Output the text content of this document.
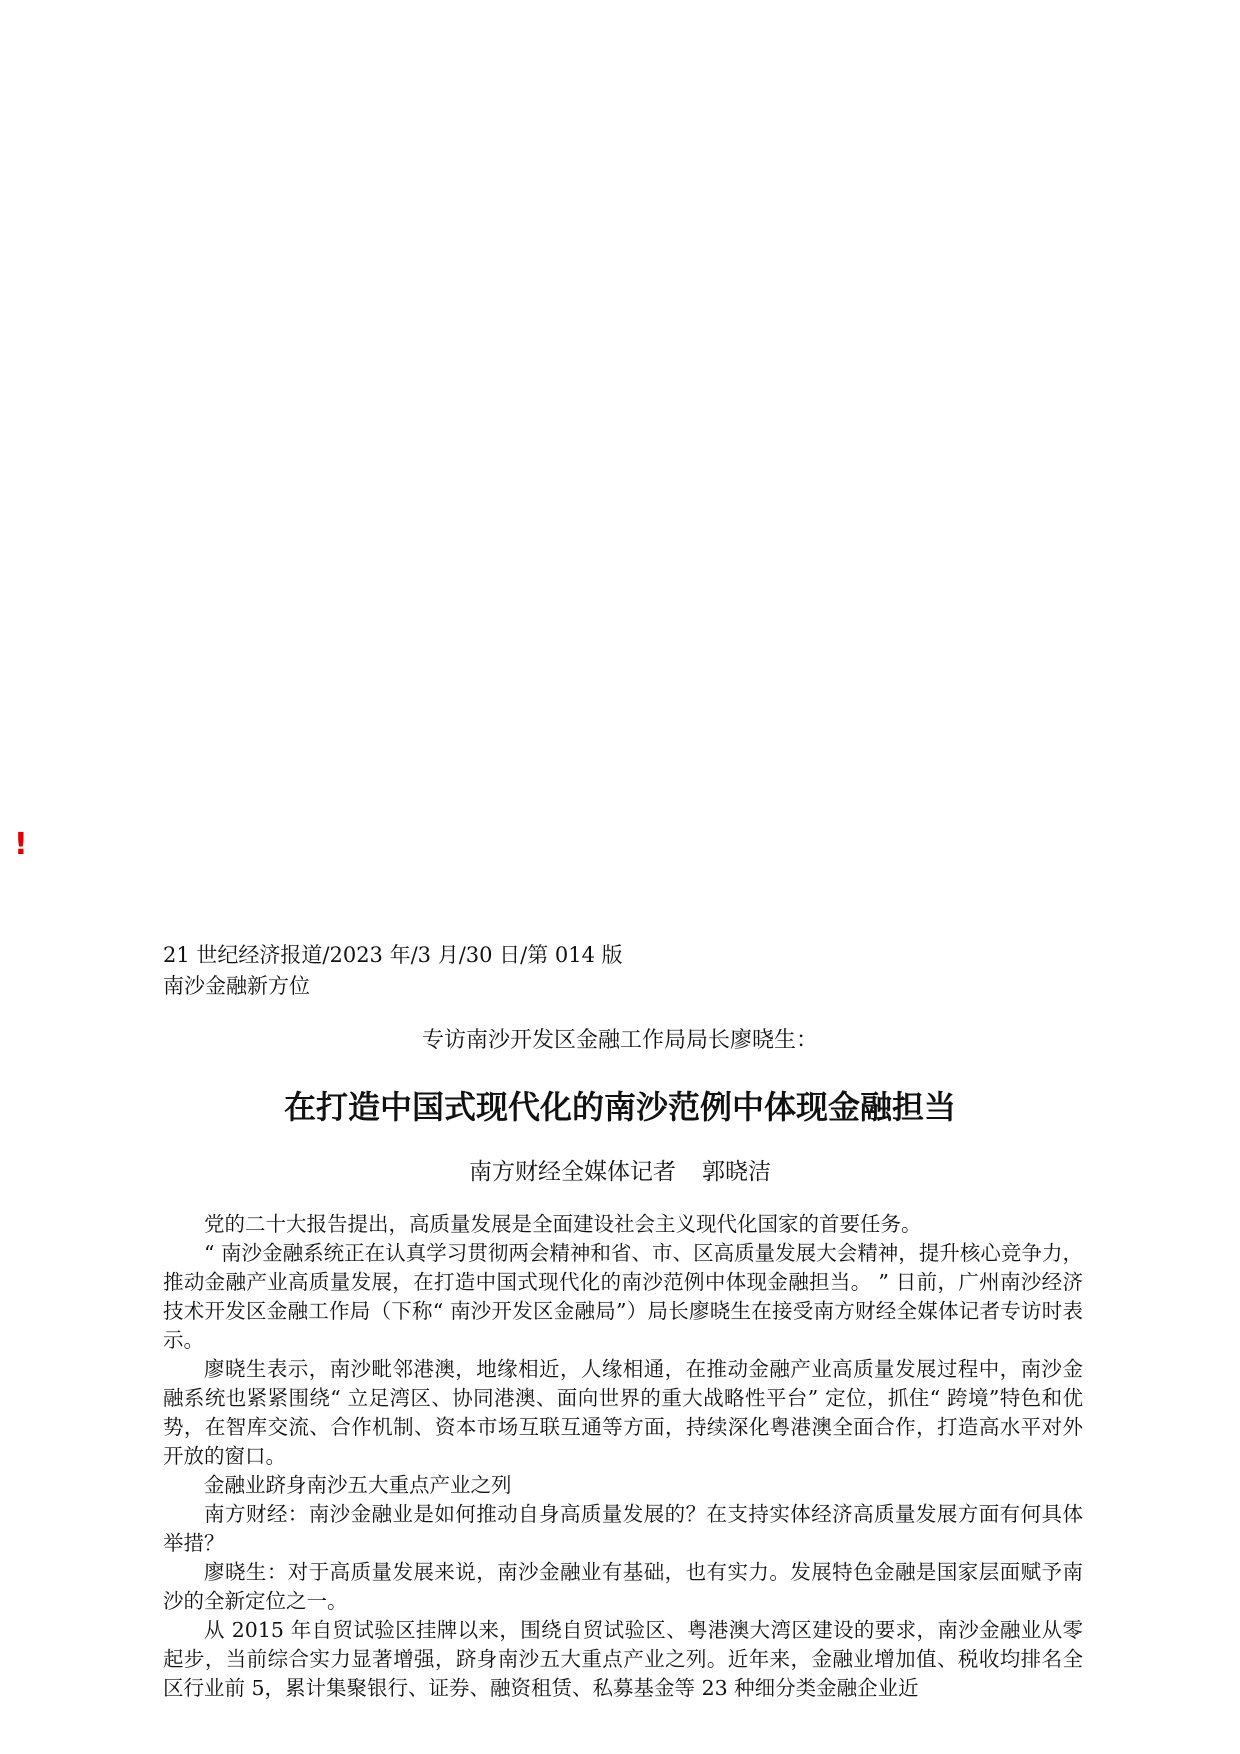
!
21 世纪经济报道/2023 年/3 月/30 日/第 014 版南沙金融新方位
专访南沙开发区金融工作局局长廖晓生：
在打造中国式现代化的南沙范例中体现金融担当
南方财经全媒体记者 郭晓洁

党的二十大报告提出，高质量发展是全面建设社会主义现代化国家的首要任务。

“ 南沙金融系统正在认真学习贯彻两会精神和省、市、区高质量发展大会精神，提升核心竞争力，推动金融产业高质量发展，在打造中国式现代化的南沙范例中体现金融担当。 ” 日前，广州南沙经济技术开发区金融工作局（下称“ 南沙开发区金融局”）局长廖晓生在接受南方财经全媒体记者专访时表示。

廖晓生表示，南沙毗邻港澳，地缘相近，人缘相通，在推动金融产业高质量发展过程中，南沙金融系统也紧紧围绕“ 立足湾区、协同港澳、面向世界的重大战略性平台” 定位，抓住“ 跨境”特色和优势，在智库交流、合作机制、资本市场互联互通等方面，持续深化粤港澳全面合作，打造高水平对外开放的窗口。

金融业跻身南沙五大重点产业之列

南方财经：南沙金融业是如何推动自身高质量发展的？在支持实体经济高质量发展方面有何具体举措？

廖晓生：对于高质量发展来说，南沙金融业有基础，也有实力。发展特色金融是国家层面赋予南沙的全新定位之一。

从 2015 年自贸试验区挂牌以来，围绕自贸试验区、粤港澳大湾区建设的要求，南沙金融业从零起步，当前综合实力显著增强，跻身南沙五大重点产业之列。近年来，金融业增加值、税收均排名全区行业前 5，累计集聚银行、证券、融资租赁、私募基金等 23 种细分类金融企业近
